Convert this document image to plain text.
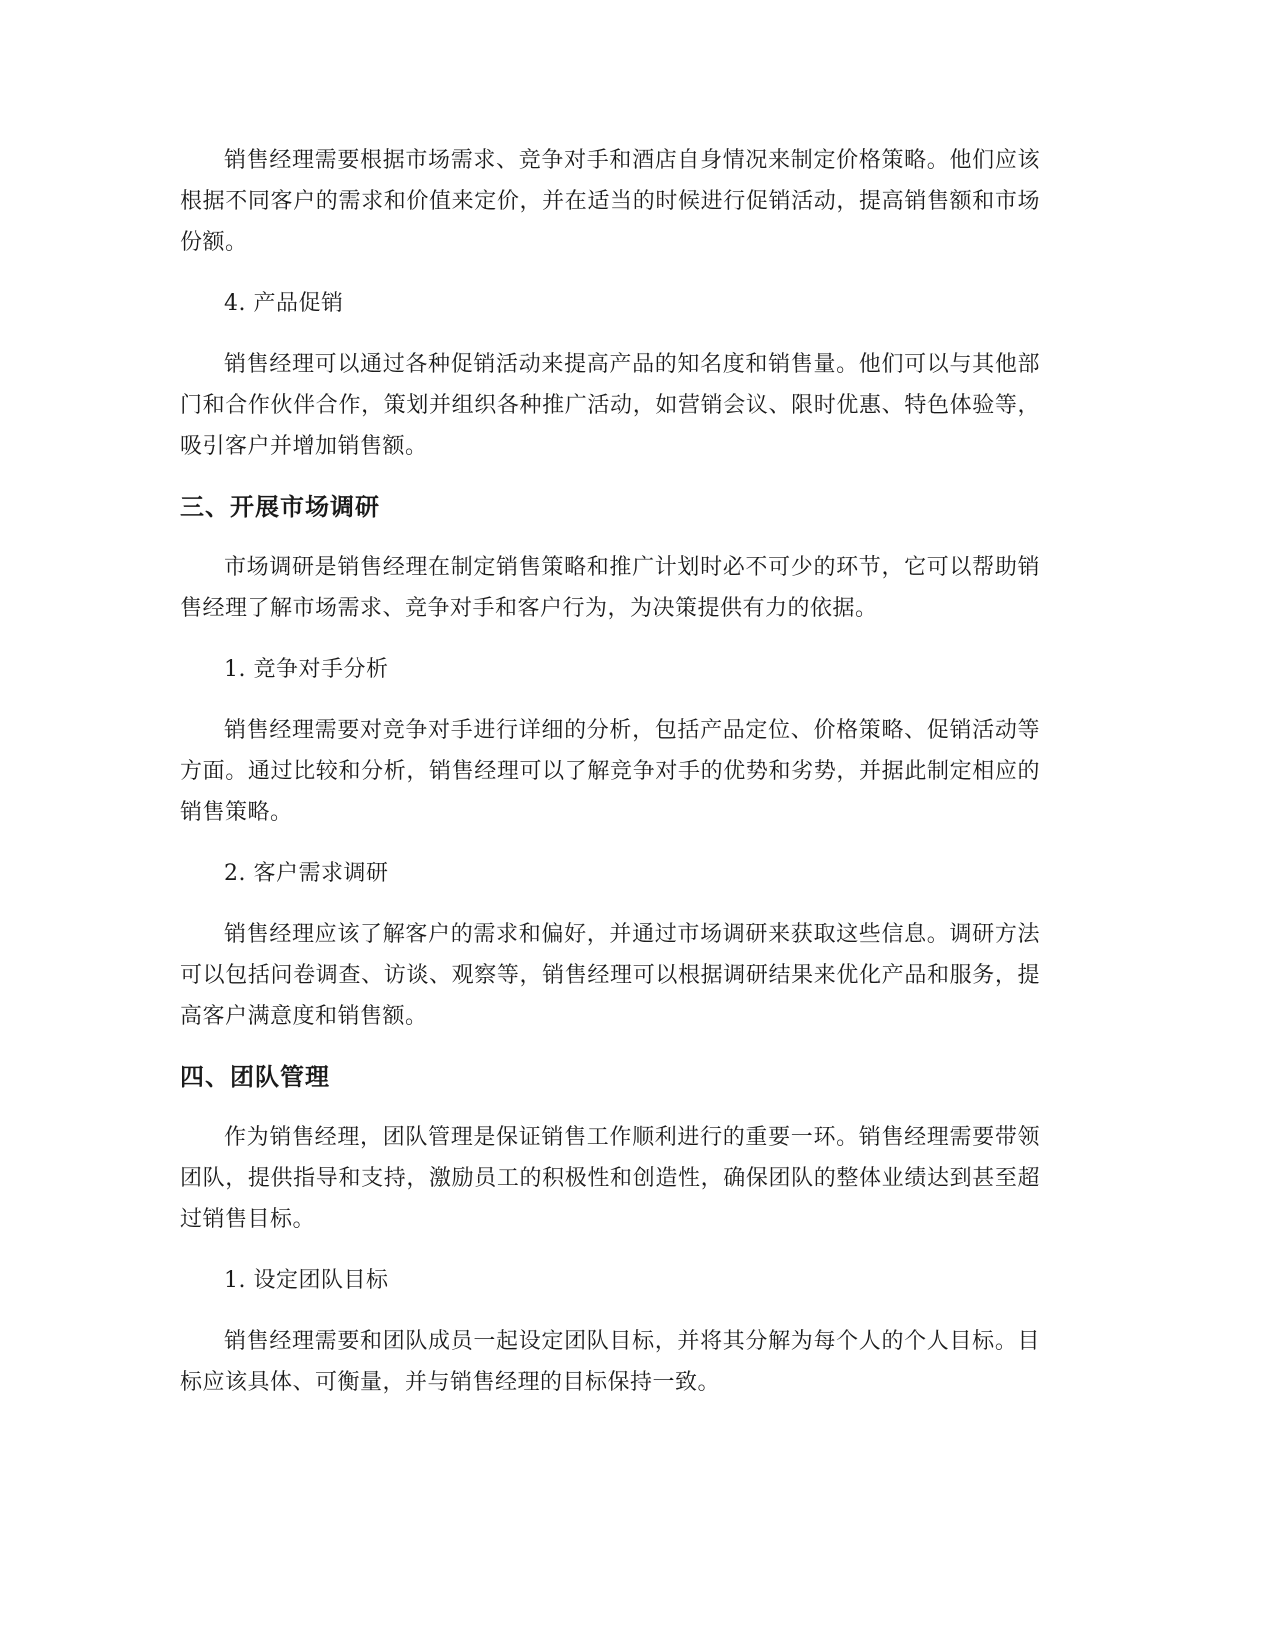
销售经理需要根据市场需求、竞争对手和酒店自身情况来制定价格策略。他们应该根据不同客户的需求和价值来定价，并在适当的时候进行促销活动，提高销售额和市场份额。

4. 产品促销

销售经理可以通过各种促销活动来提高产品的知名度和销售量。他们可以与其他部门和合作伙伴合作，策划并组织各种推广活动，如营销会议、限时优惠、特色体验等，吸引客户并增加销售额。

三、开展市场调研

市场调研是销售经理在制定销售策略和推广计划时必不可少的环节，它可以帮助销售经理了解市场需求、竞争对手和客户行为，为决策提供有力的依据。

1. 竞争对手分析

销售经理需要对竞争对手进行详细的分析，包括产品定位、价格策略、促销活动等方面。通过比较和分析，销售经理可以了解竞争对手的优势和劣势，并据此制定相应的销售策略。

2. 客户需求调研

销售经理应该了解客户的需求和偏好，并通过市场调研来获取这些信息。调研方法可以包括问卷调查、访谈、观察等，销售经理可以根据调研结果来优化产品和服务，提高客户满意度和销售额。

四、团队管理

作为销售经理，团队管理是保证销售工作顺利进行的重要一环。销售经理需要带领团队，提供指导和支持，激励员工的积极性和创造性，确保团队的整体业绩达到甚至超过销售目标。

1. 设定团队目标

销售经理需要和团队成员一起设定团队目标，并将其分解为每个人的个人目标。目标应该具体、可衡量，并与销售经理的目标保持一致。
